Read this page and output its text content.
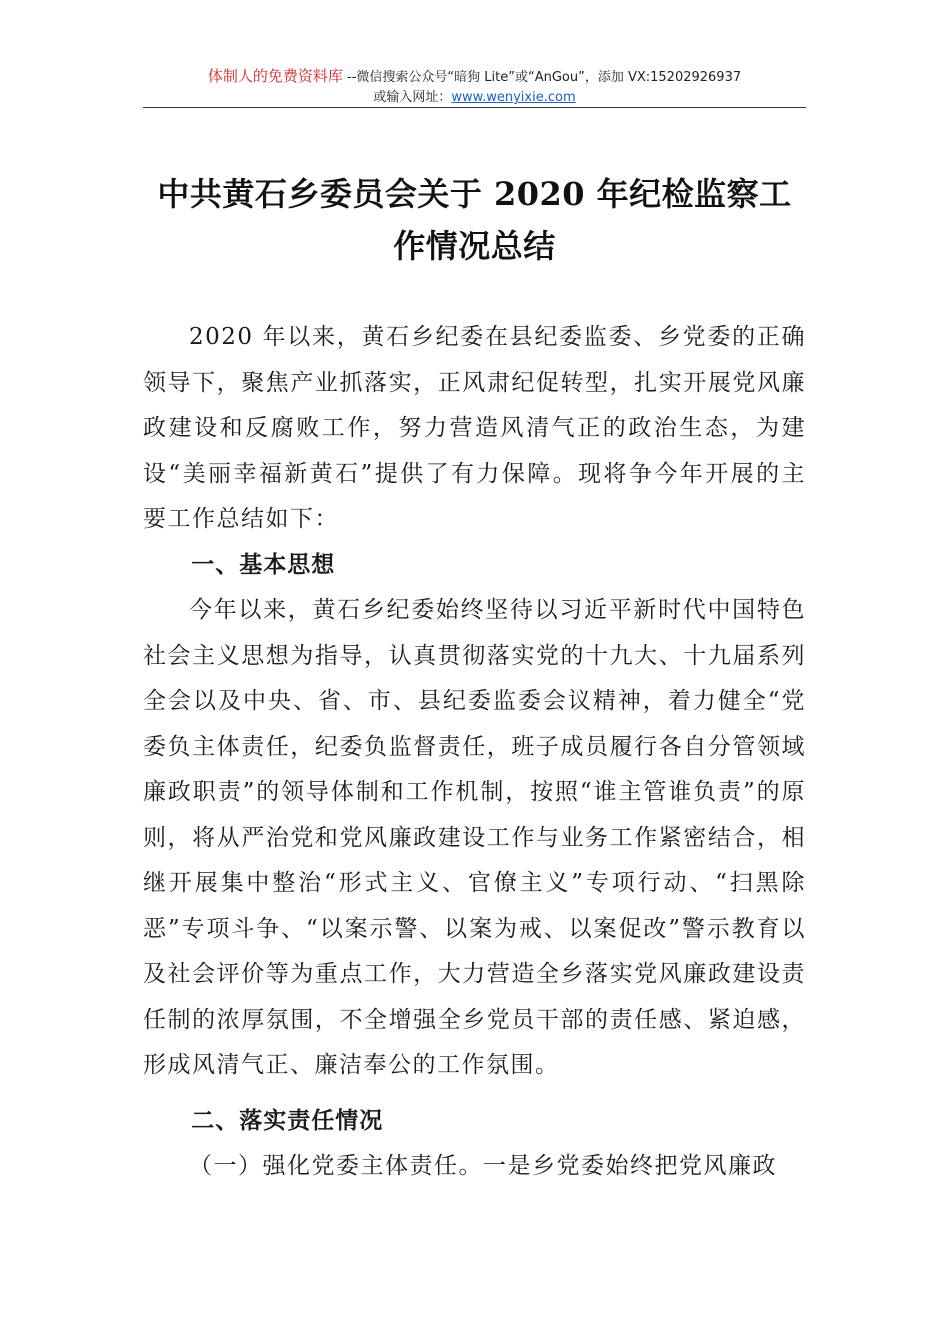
体制人的免费资料库 --微信搜索公众号“暗狗 Lite”或“AnGou”，添加 VX:15202926937
或输入网址：www.wenyixie.com
中共黄石乡委员会关于 2020 年纪检监察工
作情况总结

2020 年以来，黄石乡纪委在县纪委监委、乡党委的正确领导下，聚焦产业抓落实，正风肃纪促转型，扎实开展党风廉政建设和反腐败工作，努力营造风清气正的政治生态，为建设“美丽幸福新黄石”提供了有力保障。现将争今年开展的主要工作总结如下：

一、基本思想

今年以来，黄石乡纪委始终坚待以习近平新时代中国特色社会主义思想为指导，认真贯彻落实党的十九大、十九届系列全会以及中央、省、市、县纪委监委会议精神，着力健全“党委负主体责任，纪委负监督责任，班子成员履行各自分管领域廉政职责”的领导体制和工作机制，按照“谁主管谁负责”的原则，将从严治党和党风廉政建设工作与业务工作紧密结合，相继开展集中整治“形式主义、官僚主义”专项行动、“扫黑除恶”专项斗争、“以案示警、以案为戒、以案促改”警示教育以及社会评价等为重点工作，大力营造全乡落实党风廉政建设责任制的浓厚氛围，不全增强全乡党员干部的责任感、紧迫感，形成风清气正、廉洁奉公的工作氛围。

二、落实责任情况

（一）强化党委主体责任。一是乡党委始终把党风廉政
